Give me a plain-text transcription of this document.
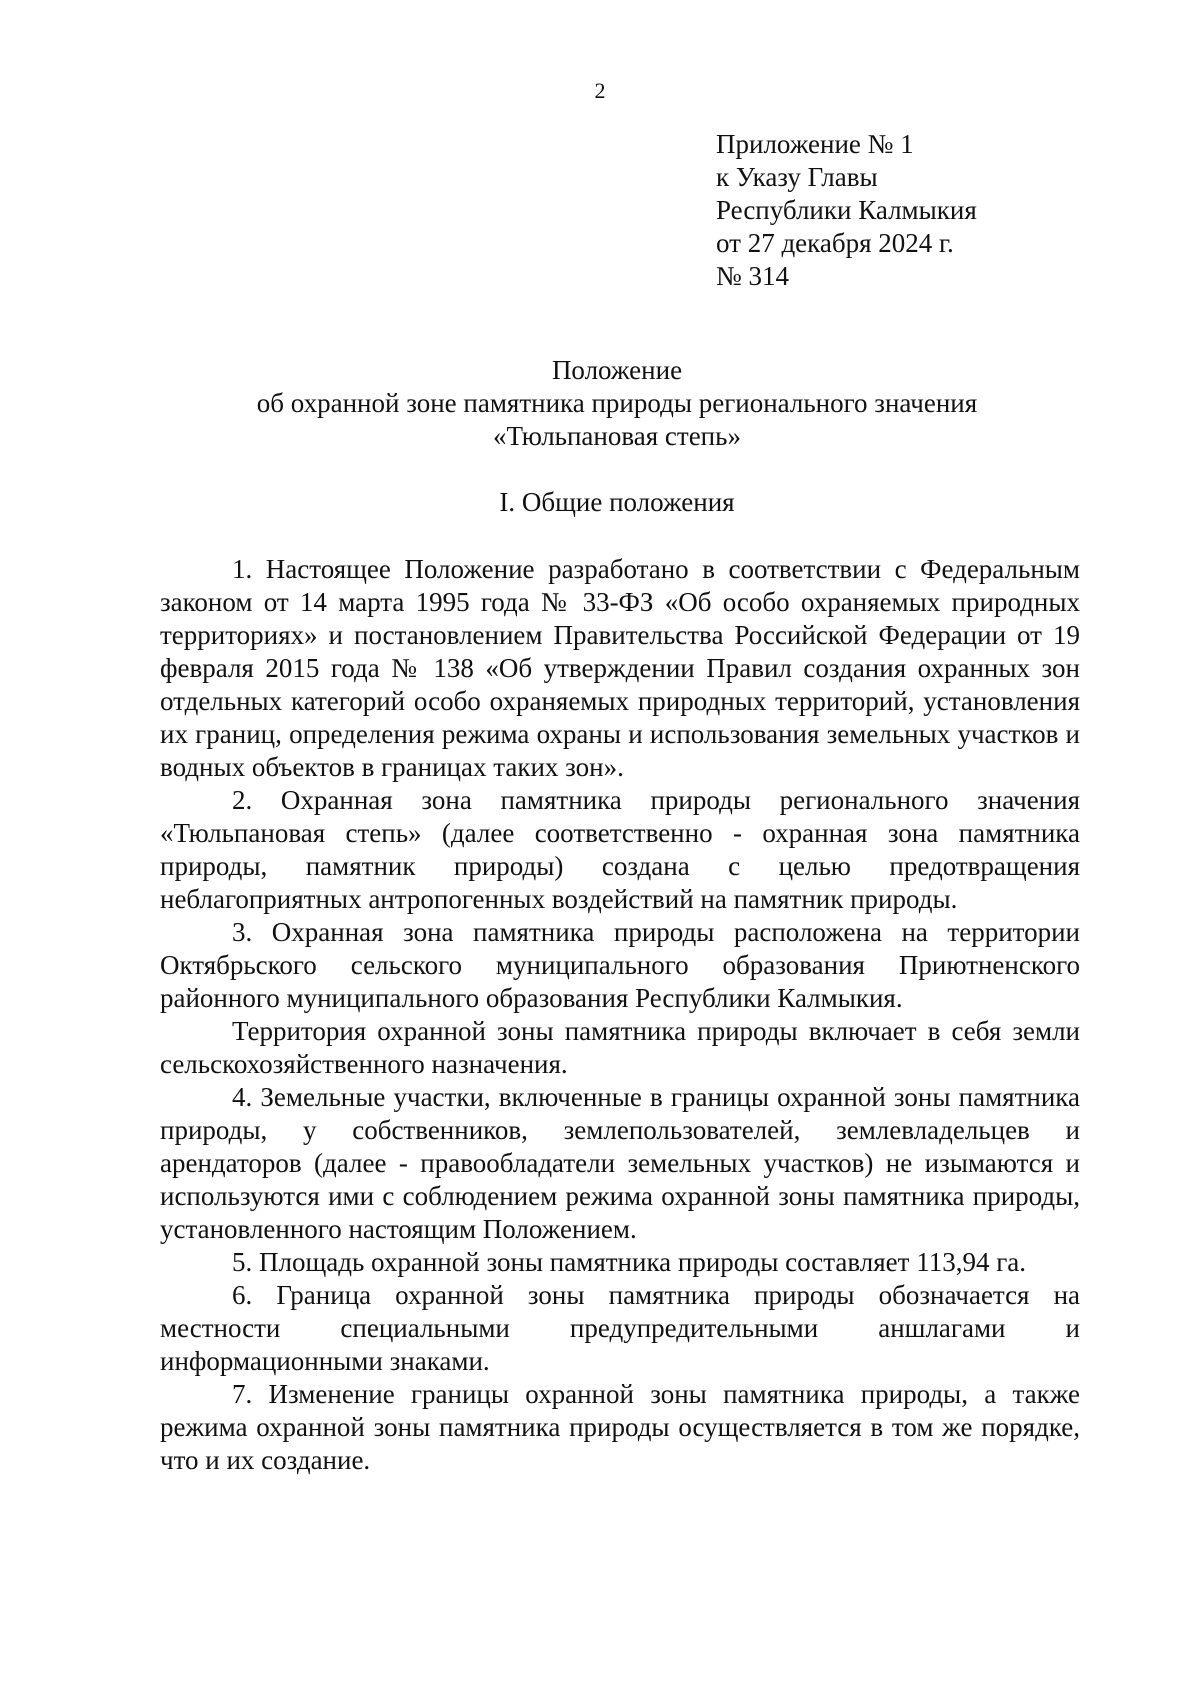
2
Приложение № 1
к Указу Главы
Республики Калмыкия
от 27 декабря 2024 г.
№ 314
Положение
об охранной зоне памятника природы регионального значения
«Тюльпановая степь»
I. Общие положения

1. Настоящее Положение разработано в соответствии с Федеральным законом от 14 марта 1995 года № 33-ФЗ «Об особо охраняемых природных территориях» и постановлением Правительства Российской Федерации от 19 февраля 2015 года № 138 «Об утверждении Правил создания охранных зон отдельных категорий особо охраняемых природных территорий, установления их границ, определения режима охраны и использования земельных участков и водных объектов в границах таких зон».

2. Охранная зона памятника природы регионального значения «Тюльпановая степь» (далее соответственно - охранная зона памятника природы, памятник природы) создана с целью предотвращения неблагоприятных антропогенных воздействий на памятник природы.

3. Охранная зона памятника природы расположена на территории Октябрьского сельского муниципального образования Приютненского районного муниципального образования Республики Калмыкия.

Территория охранной зоны памятника природы включает в себя земли сельскохозяйственного назначения.

4. Земельные участки, включенные в границы охранной зоны памятника природы, у собственников, землепользователей, землевладельцев и арендаторов (далее - правообладатели земельных участков) не изымаются и используются ими с соблюдением режима охранной зоны памятника природы, установленного настоящим Положением.

5. Площадь охранной зоны памятника природы составляет 113,94 га.

6. Граница охранной зоны памятника природы обозначается на местности специальными предупредительными аншлагами и информационными знаками.

7. Изменение границы охранной зоны памятника природы, а также режима охранной зоны памятника природы осуществляется в том же порядке, что и их создание.
